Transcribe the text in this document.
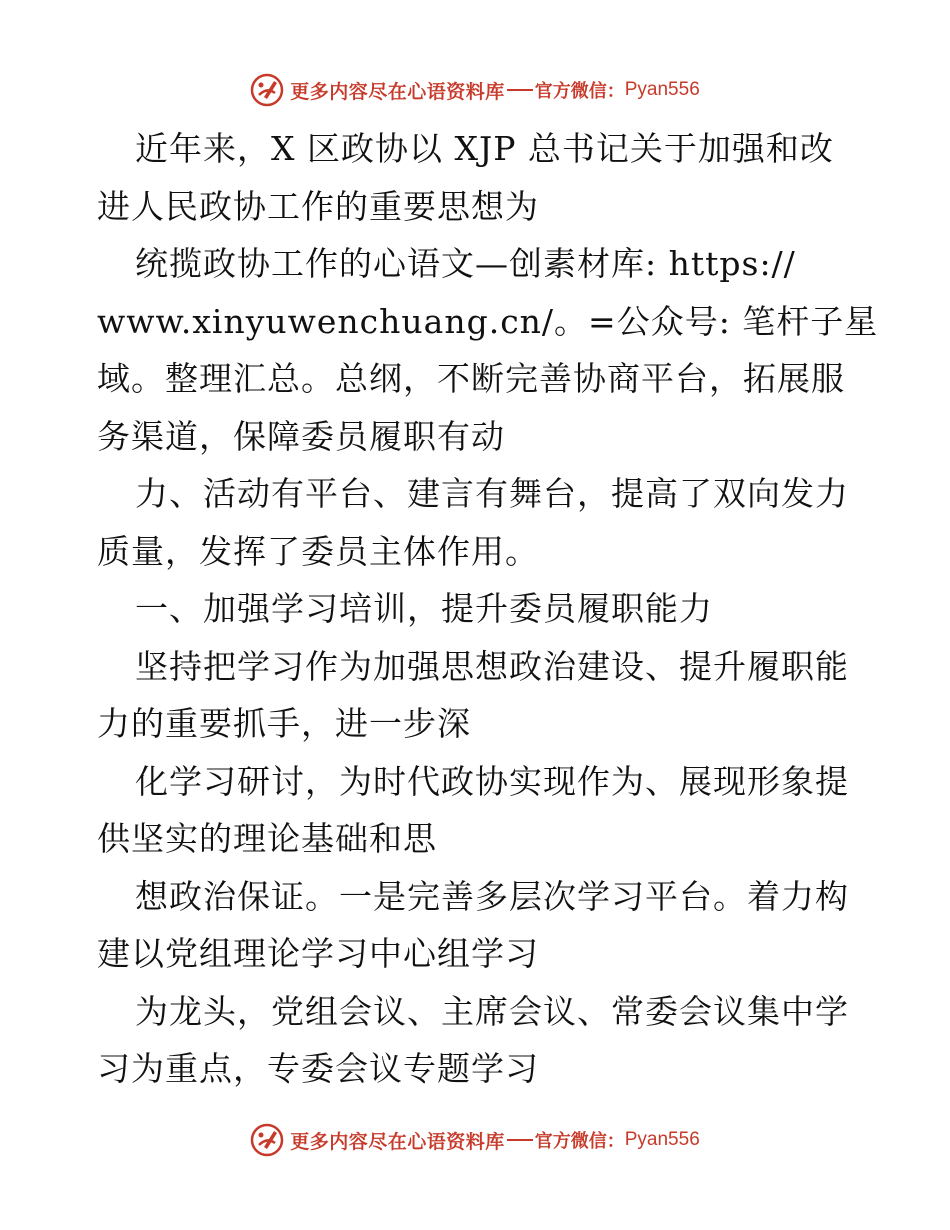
更多内容尽在心语资料库 官方微信： Pyan556
近年来，X 区政协以 XJP 总书记关于加强和改
进人民政协工作的重要思想为
统揽政协工作的心语文—创素材库: https://
www.xinyuwenchuang.cn/。=公众号: 笔杆子星
域。整理汇总。总纲，不断完善协商平台，拓展服
务渠道，保障委员履职有动
力、活动有平台、建言有舞台，提高了双向发力
质量，发挥了委员主体作用。
一、加强学习培训，提升委员履职能力
坚持把学习作为加强思想政治建设、提升履职能
力的重要抓手，进一步深
化学习研讨，为时代政协实现作为、展现形象提
供坚实的理论基础和思
想政治保证。一是完善多层次学习平台。着力构
建以党组理论学习中心组学习
为龙头，党组会议、主席会议、常委会议集中学
习为重点，专委会议专题学习
更多内容尽在心语资料库 官方微信： Pyan556
